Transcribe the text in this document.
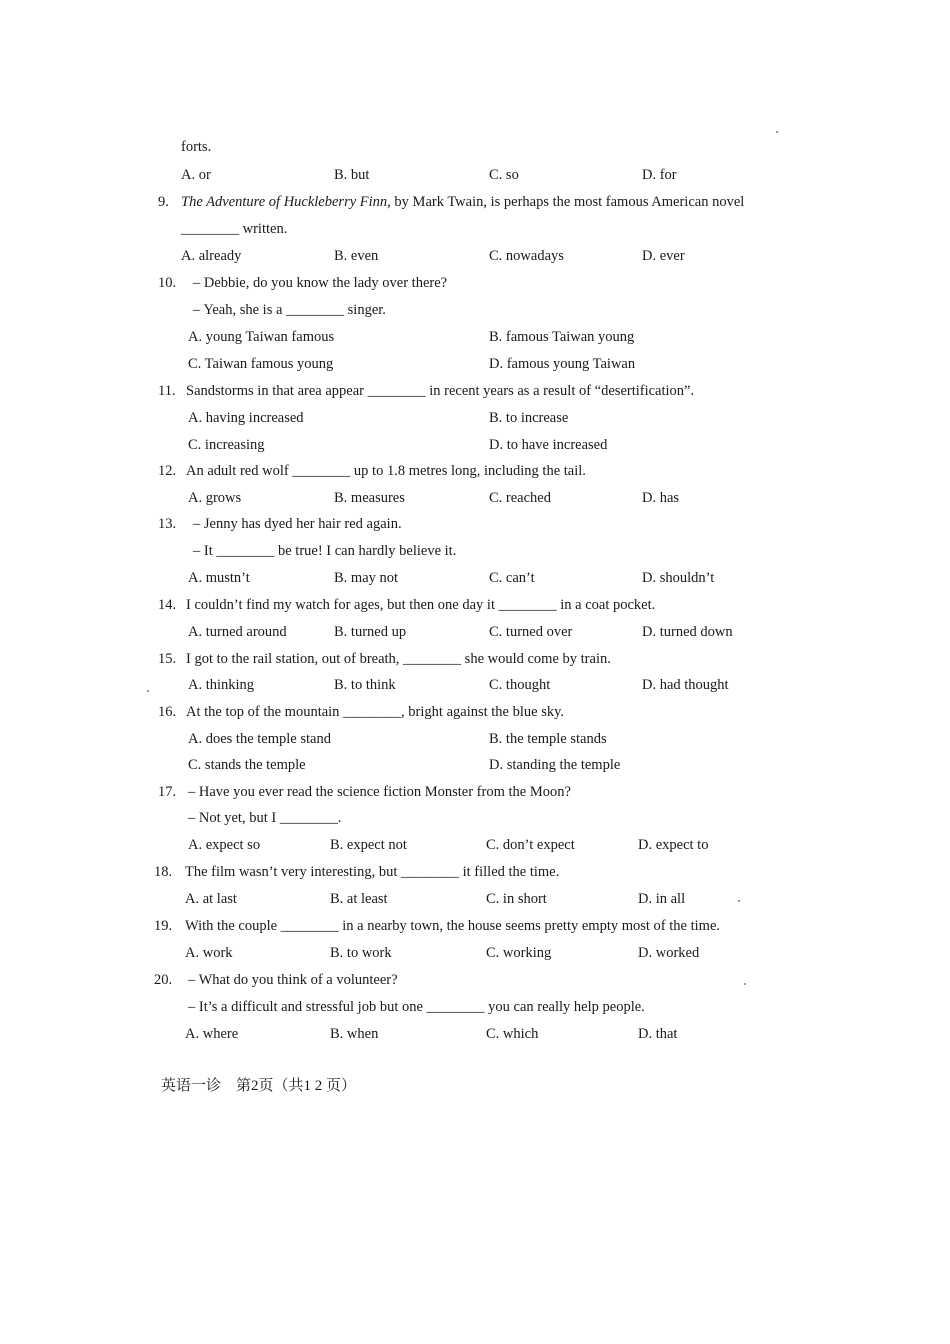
forts.
A. or	B. but	C. so	D. for
9. The Adventure of Huckleberry Finn, by Mark Twain, is perhaps the most famous American novel
________ written.
A. already	B. even	C. nowadays	D. ever
10. – Debbie, do you know the lady over there?
– Yeah, she is a ________ singer.
A. young Taiwan famous	B. famous Taiwan young
C. Taiwan famous young	D. famous young Taiwan
11. Sandstorms in that area appear ________ in recent years as a result of “desertification”.
A. having increased	B. to increase
C. increasing	D. to have increased
12. An adult red wolf ________ up to 1.8 metres long, including the tail.
A. grows	B. measures	C. reached	D. has
13. – Jenny has dyed her hair red again.
– It ________ be true! I can hardly believe it.
A. mustn’t	B. may not	C. can’t	D. shouldn’t
14. I couldn’t find my watch for ages, but then one day it ________ in a coat pocket.
A. turned around	B. turned up	C. turned over	D. turned down
15. I got to the rail station, out of breath, ________ she would come by train.
A. thinking	B. to think	C. thought	D. had thought
16. At the top of the mountain ________, bright against the blue sky.
A. does the temple stand	B. the temple stands
C. stands the temple	D. standing the temple
17. – Have you ever read the science fiction Monster from the Moon?
– Not yet, but I ________.
A. expect so	B. expect not	C. don’t expect	D. expect to
18. The film wasn’t very interesting, but ________ it filled the time.
A. at last	B. at least	C. in short	D. in all
19. With the couple ________ in a nearby town, the house seems pretty empty most of the time.
A. work	B. to work	C. working	D. worked
20. – What do you think of a volunteer?
– It’s a difficult and stressful job but one ________ you can really help people.
A. where	B. when	C. which	D. that
英语一诊　第2页（共1 2 页）
